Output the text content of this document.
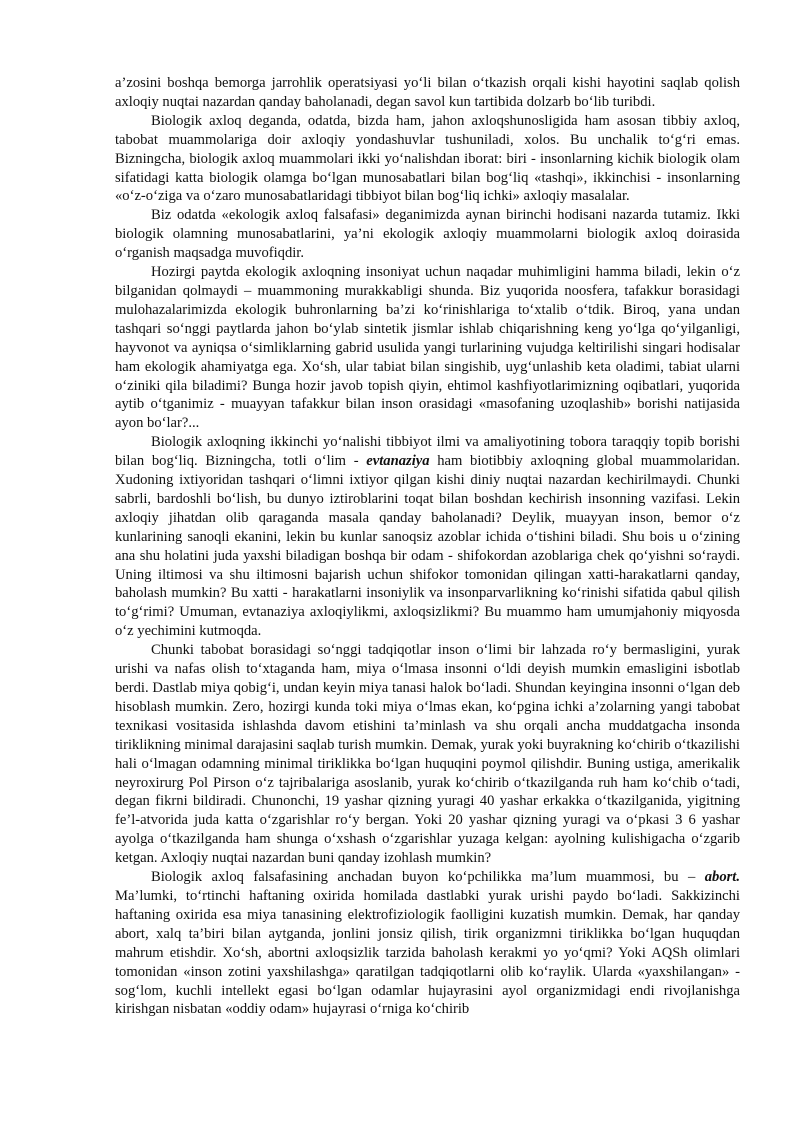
a’zosini boshqa bemorga jarrohlik operatsiyasi yo‘li bilan o‘tkazish orqali kishi hayotini saqlab qolish axloqiy nuqtai nazardan qanday baholanadi, degan savol kun tartibida dolzarb bo‘lib turibdi.

Biologik axloq deganda, odatda, bizda ham, jahon axloqshunosligida ham asosan tibbiy axloq, tabobat muammolariga doir axloqiy yondashuvlar tushuniladi, xolos. Bu unchalik to‘g‘ri emas. Bizningcha, biologik axloq muammolari ikki yo‘nalishdan iborat: biri - insonlarning kichik biologik olam sifatidagi katta biologik olamga bo‘lgan munosabatlari bilan bog‘liq «tashqi», ikkinchisi - insonlarning «o‘z-o‘ziga va o‘zaro munosabatlaridagi tibbiyot bilan bog‘liq ichki» axloqiy masalalar.

Biz odatda «ekologik axloq falsafasi» deganimizda aynan birinchi hodisani nazarda tutamiz. Ikki biologik olamning munosabatlarini, ya’ni ekologik axloqiy muammolarni biologik axloq doirasida o‘rganish maqsadga muvofiqdir.

Hozirgi paytda ekologik axloqning insoniyat uchun naqadar muhimligini hamma biladi, lekin o‘z bilganidan qolmaydi – muammoning murakkabligi shunda. Biz yuqorida noosfera, tafakkur borasidagi mulohazalarimizda ekologik buhronlarning ba’zi ko‘rinishlariga to‘xtalib o‘tdik. Biroq, yana undan tashqari so‘nggi paytlarda jahon bo‘ylab sintetik jismlar ishlab chiqarishning keng yo‘lga qo‘yilganligi, hayvonot va ayniqsa o‘simliklarning gabrid usulida yangi turlarining vujudga keltirilishi singari hodisalar ham ekologik ahamiyatga ega. Xo‘sh, ular tabiat bilan singishib, uyg‘unlashib keta oladimi, tabiat ularni o‘ziniki qila biladimi? Bunga hozir javob topish qiyin, ehtimol kashfiyotlarimizning oqibatlari, yuqorida aytib o‘tganimiz - muayyan tafakkur bilan inson orasidagi «masofaning uzoqlashib» borishi natijasida ayon bo‘lar?...

Biologik axloqning ikkinchi yo‘nalishi tibbiyot ilmi va amaliyotining tobora taraqqiy topib borishi bilan bog‘liq. Bizningcha, totli o‘lim - evtanaziya ham biotibbiy axloqning global muammolaridan. Xudoning ixtiyoridan tashqari o‘limni ixtiyor qilgan kishi diniy nuqtai nazardan kechirilmaydi. Chunki sabrli, bardoshli bo‘lish, bu dunyo iztiroblarini toqat bilan boshdan kechirish insonning vazifasi. Lekin axloqiy jihatdan olib qaraganda masala qanday baholanadi? Deylik, muayyan inson, bemor o‘z kunlarining sanoqli ekanini, lekin bu kunlar sanoqsiz azoblar ichida o‘tishini biladi. Shu bois u o‘zining ana shu holatini juda yaxshi biladigan boshqa bir odam - shifokordan azoblariga chek qo‘yishni so‘raydi. Uning iltimosi va shu iltimosni bajarish uchun shifokor tomonidan qilingan xatti-harakatlarni qanday, baholash mumkin? Bu xatti - harakatlarni insoniylik va insonparvarlikning ko‘rinishi sifatida qabul qilish to‘g‘rimi? Umuman, evtanaziya axloqiylikmi, axloqsizlikmi? Bu muammo ham umumjahoniy miqyosda o‘z yechimini kutmoqda.

Chunki tabobat borasidagi so‘nggi tadqiqotlar inson o‘limi bir lahzada ro‘y bermasligini, yurak urishi va nafas olish to‘xtaganda ham, miya o‘lmasa insonni o‘ldi deyish mumkin emasligini isbotlab berdi. Dastlab miya qobig‘i, undan keyin miya tanasi halok bo‘ladi. Shundan keyingina insonni o‘lgan deb hisoblash mumkin. Zero, hozirgi kunda toki miya o‘lmas ekan, ko‘pgina ichki a’zolarning yangi tabobat texnikasi vositasida ishlashda davom etishini ta’minlash va shu orqali ancha muddatgacha insonda tiriklikning minimal darajasini saqlab turish mumkin. Demak, yurak yoki buyrakning ko‘chirib o‘tkazilishi hali o‘lmagan odamning minimal tiriklikka bo‘lgan huquqini poymol qilishdir. Buning ustiga, amerikalik neyroxirurg Pol Pirson o‘z tajribalariga asoslanib, yurak ko‘chirib o‘tkazilganda ruh ham ko‘chib o‘tadi, degan fikrni bildiradi. Chunonchi, 19 yashar qizning yuragi 40 yashar erkakka o‘tkazilganida, yigitning fe’l-atvorida juda katta o‘zgarishlar ro‘y bergan. Yoki 20 yashar qizning yuragi va o‘pkasi 3 6 yashar ayolga o‘tkazilganda ham shunga o‘xshash o‘zgarishlar yuzaga kelgan: ayolning kulishigacha o‘zgarib ketgan. Axloqiy nuqtai nazardan buni qanday izohlash mumkin?

Biologik axloq falsafasining anchadan buyon ko‘pchilikka ma’lum muammosi, bu – abort. Ma’lumki, to‘rtinchi haftaning oxirida homilada dastlabki yurak urishi paydo bo‘ladi. Sakkizinchi haftaning oxirida esa miya tanasining elektrofiziologik faolligini kuzatish mumkin. Demak, har qanday abort, xalq ta’biri bilan aytganda, jonlini jonsiz qilish, tirik organizmni tiriklikka bo‘lgan huquqdan mahrum etishdir. Xo‘sh, abortni axloqsizlik tarzida baholash kerakmi yo yo‘qmi? Yoki AQSh olimlari tomonidan «inson zotini yaxshilashga» qaratilgan tadqiqotlarni olib ko‘raylik. Ularda «yaxshilangan» - sog‘lom, kuchli intellekt egasi bo‘lgan odamlar hujayrasini ayol organizmidagi endi rivojlanishga kirishgan nisbatan «oddiy odam» hujayrasi o‘rniga ko‘chirib
